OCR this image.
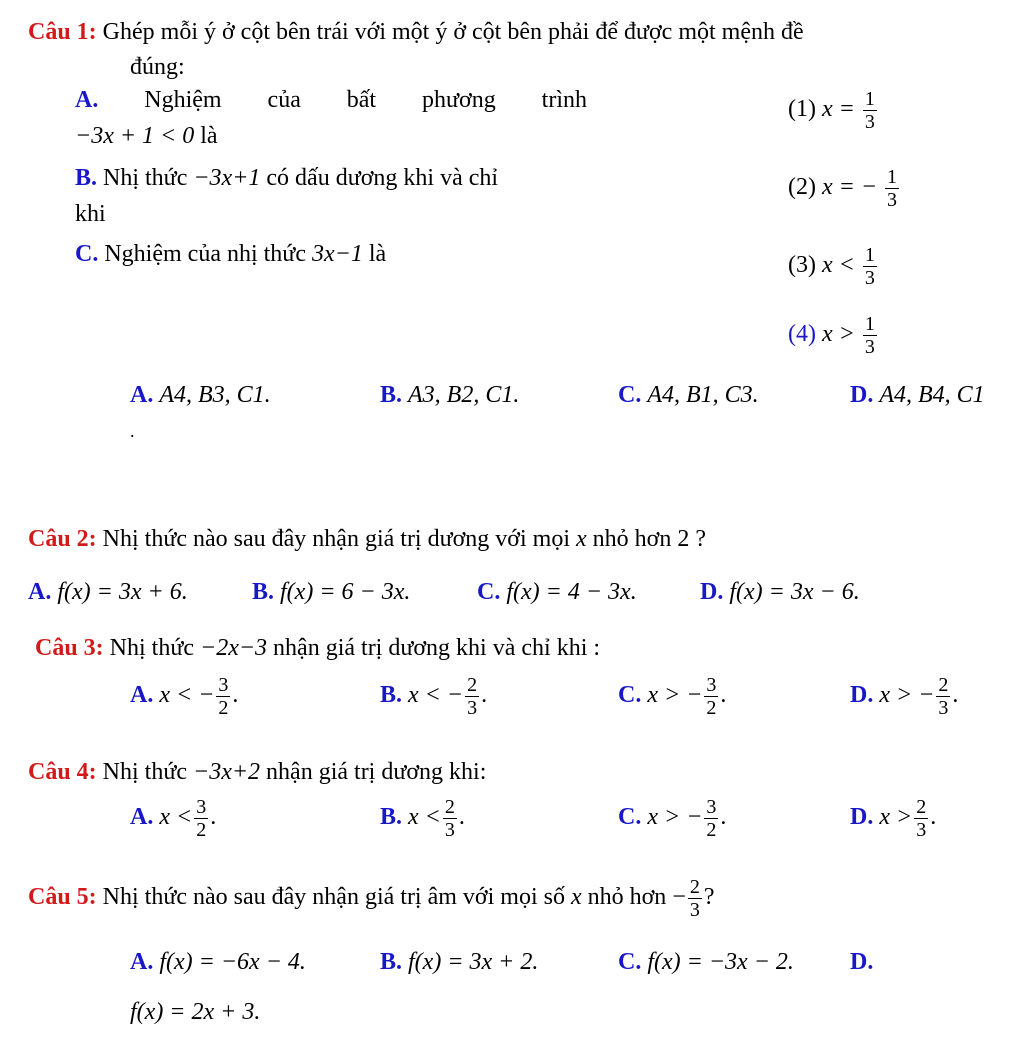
Câu 1: Ghép mỗi ý ở cột bên trái với một ý ở cột bên phải để được một mệnh đề
đúng:
A. Nghiệm của bất phương trình
−3x + 1 < 0 là
B. Nhị thức −3x+1 có dấu dương khi và chỉ
khi
C. Nghiệm của nhị thức 3x−1 là
(1) $x = \frac{1}{3}$
(2) x = − $\frac{1}{3}$
(3) $x < \frac{1}{3}$
(4) $x > \frac{1}{3}$
A. A4, B3, C1.	B. A3, B2, C1.	C. A4, B1, C3.	D. A4, B4, C1
.
Câu 2: Nhị thức nào sau đây nhận giá trị dương với mọi x nhỏ hơn 2 ?
A. f(x) = 3x + 6.	B. f(x) = 6 − 3x.	C. f(x) = 4 − 3x.	D. f(x) = 3x − 6.
Câu 3: Nhị thức −2x−3 nhận giá trị dương khi và chỉ khi :
A. x < − $\frac{3}{2}$ .	B. x < − $\frac{2}{3}$ .	C. x > − $\frac{3}{2}$ .	D. x > − $\frac{2}{3}$ .
Câu 4: Nhị thức −3x+2 nhận giá trị dương khi:
A. $x < \frac{3}{2}$ .	B. $x < \frac{2}{3}$ .	C. x > − $\frac{3}{2}$ .	D. $x > \frac{2}{3}$ .
Câu 5: Nhị thức nào sau đây nhận giá trị âm với mọi số x nhỏ hơn − $\frac{2}{3}$ ?
A. f(x) = −6x − 4.	B. f(x) = 3x + 2.	C. f(x) = −3x − 2. D.
f(x) = 2x + 3.
